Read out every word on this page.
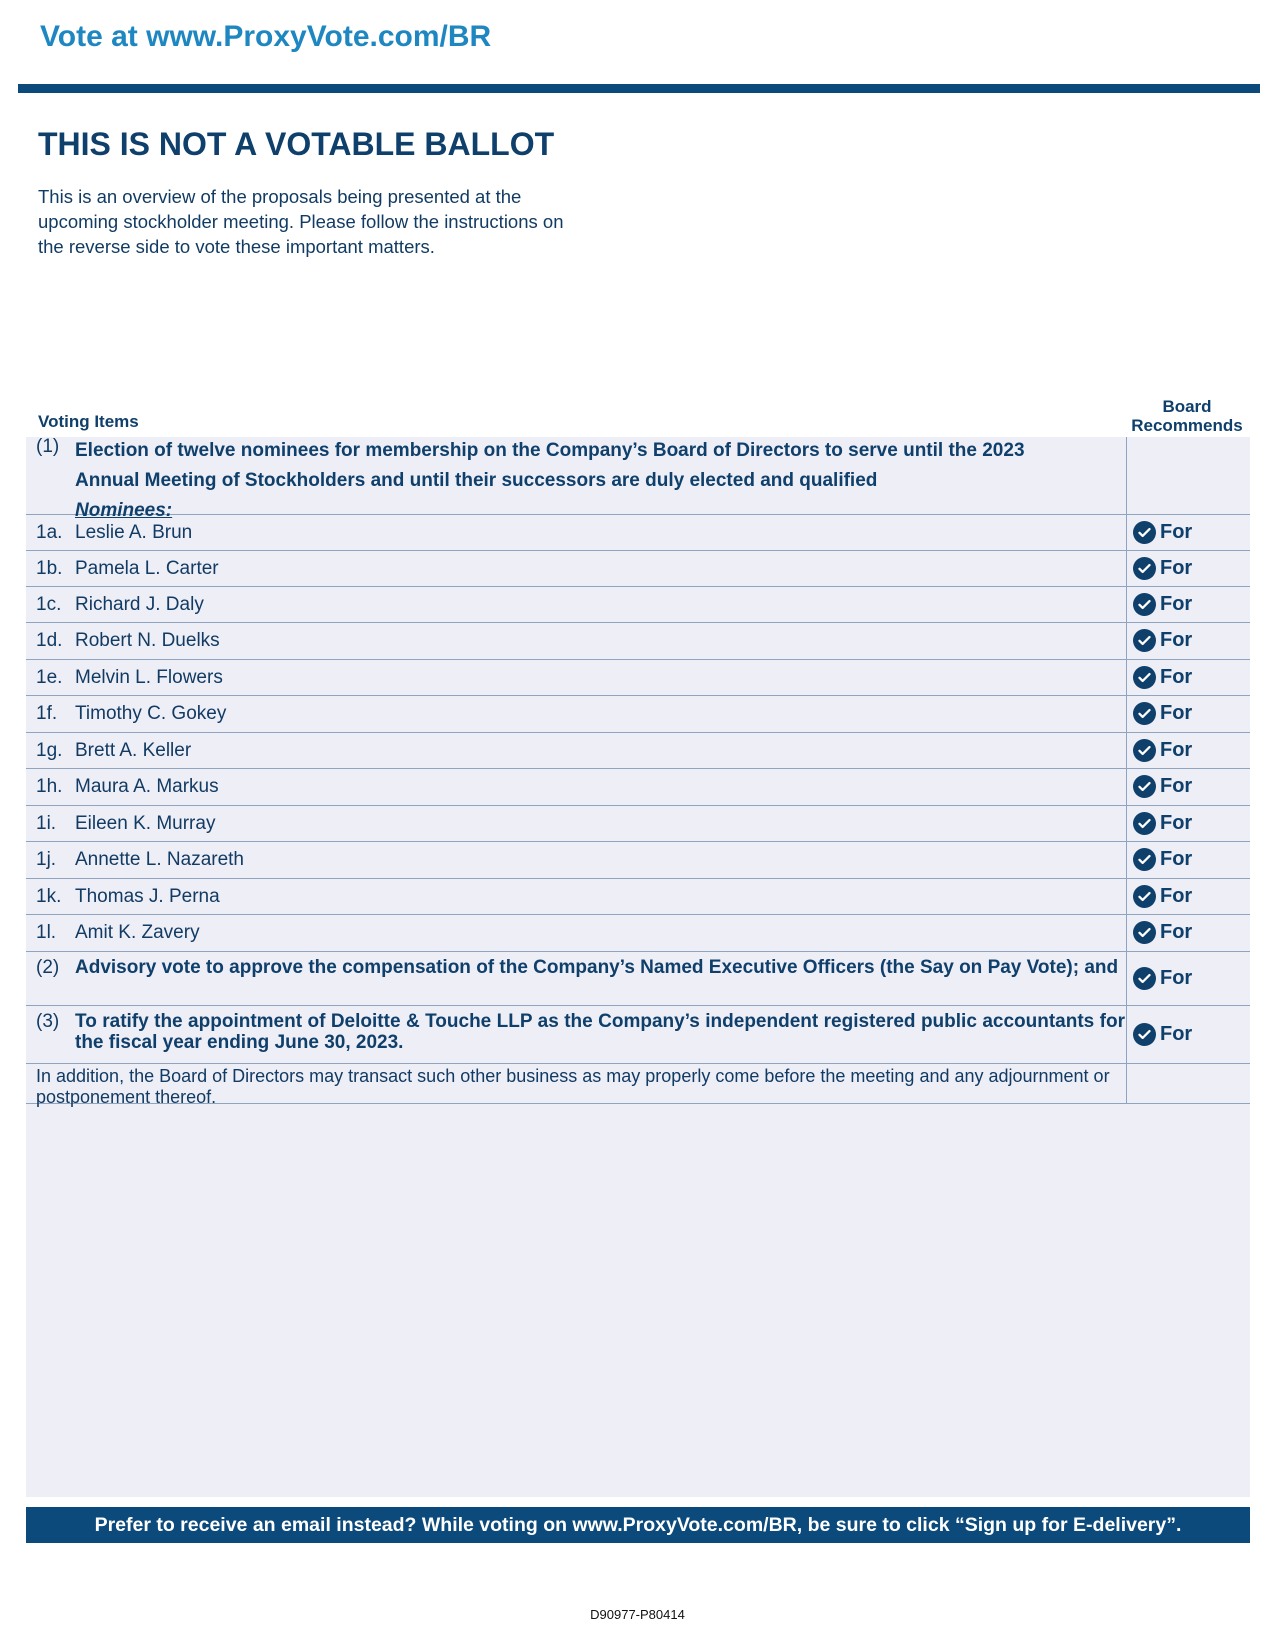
Vote at www.ProxyVote.com/BR
THIS IS NOT A VOTABLE BALLOT
This is an overview of the proposals being presented at the
upcoming stockholder meeting. Please follow the instructions on
the reverse side to vote these important matters.
Voting Items
Board
Recommends
(1) Election of twelve nominees for membership on the Company’s Board of Directors to serve until the 2023
Annual Meeting of Stockholders and until their successors are duly elected and qualified
Nominees:
1a. Leslie A. Brun	For
1b. Pamela L. Carter	For
1c. Richard J. Daly	For
1d. Robert N. Duelks	For
1e. Melvin L. Flowers	For
1f. Timothy C. Gokey	For
1g. Brett A. Keller	For
1h. Maura A. Markus	For
1i. Eileen K. Murray	For
1j. Annette L. Nazareth	For
1k. Thomas J. Perna	For
1l. Amit K. Zavery	For
(2) Advisory vote to approve the compensation of the Company’s Named Executive Officers (the Say on Pay Vote); and	For
(3) To ratify the appointment of Deloitte & Touche LLP as the Company’s independent registered public accountants for the fiscal year ending June 30, 2023.	For
In addition, the Board of Directors may transact such other business as may properly come before the meeting and any adjournment or postponement thereof.
Prefer to receive an email instead? While voting on www.ProxyVote.com/BR, be sure to click “Sign up for E-delivery”.
D90977-P80414
